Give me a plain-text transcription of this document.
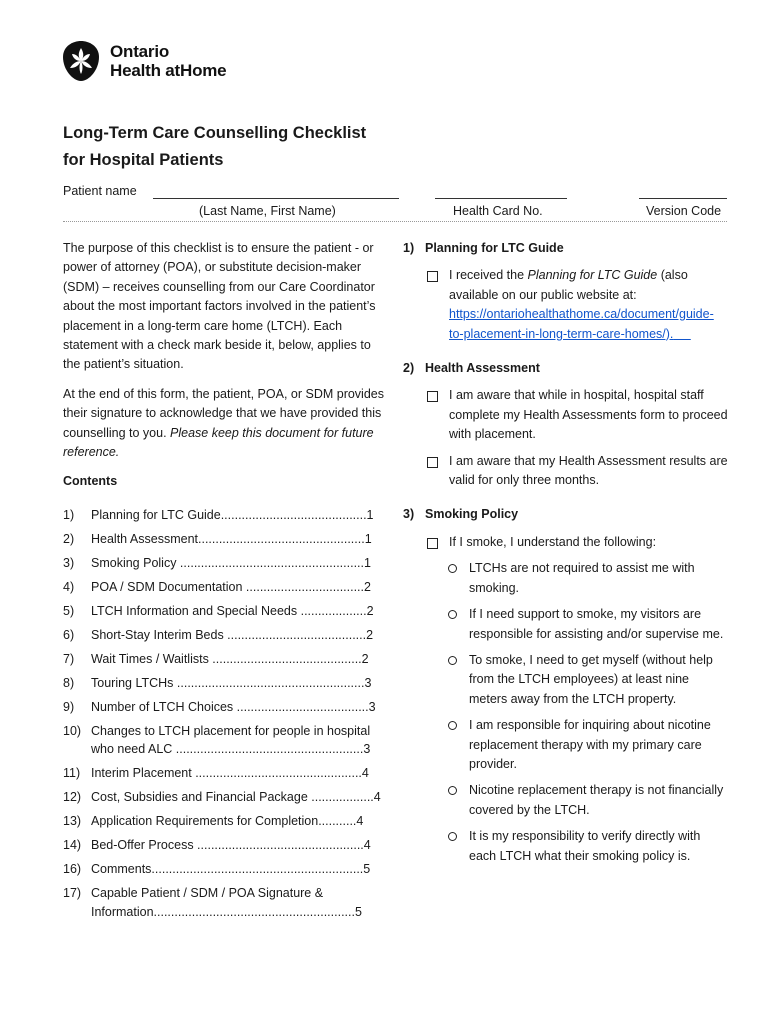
Ontario
Health atHome
Long-Term Care Counselling Checklist
for Hospital Patients
Patient name
(Last Name, First Name)	Health Card No.	Version Code

The purpose of this checklist is to ensure the patient - or power of attorney (POA), or substitute decision-maker (SDM) – receives counselling from our Care Coordinator about the most important factors involved in the patient’s placement in a long-term care home (LTCH). Each statement with a check mark beside it, below, applies to the patient’s situation.

At the end of this form, the patient, POA, or SDM provides their signature to acknowledge that we have provided this counselling to you. Please keep this document for future reference.

Contents
1)	Planning for LTC Guide..........................................1
2)	Health Assessment................................................1
3)	Smoking Policy .....................................................1
4)	POA / SDM Documentation ..................................2
5)	LTCH Information and Special Needs ...................2
6)	Short-Stay Interim Beds ........................................2
7)	Wait Times / Waitlists ...........................................2
8)	Touring LTCHs ......................................................3
9)	Number of LTCH Choices ......................................3
10) Changes to LTCH placement for people in hospital who need ALC ......................................................3
11) Interim Placement ................................................4
12) Cost, Subsidies and Financial Package ..................4
13) Application Requirements for Completion...........4
14) Bed-Offer Process ................................................4
16) Comments.............................................................5
17) Capable Patient / SDM / POA Signature & Information..........................................................5
1) Planning for LTC Guide
I received the Planning for LTC Guide (also available on our public website at: https://ontariohealthathome.ca/document/guide-to-placement-in-long-term-care-homes/).
2) Health Assessment
I am aware that while in hospital, hospital staff complete my Health Assessments form to proceed with placement.
I am aware that my Health Assessment results are valid for only three months.
3) Smoking Policy
If I smoke, I understand the following:
LTCHs are not required to assist me with smoking.
If I need support to smoke, my visitors are responsible for assisting and/or supervise me.
To smoke, I need to get myself (without help from the LTCH employees) at least nine meters away from the LTCH property.
I am responsible for inquiring about nicotine replacement therapy with my primary care provider.
Nicotine replacement therapy is not financially covered by the LTCH.
It is my responsibility to verify directly with each LTCH what their smoking policy is.
